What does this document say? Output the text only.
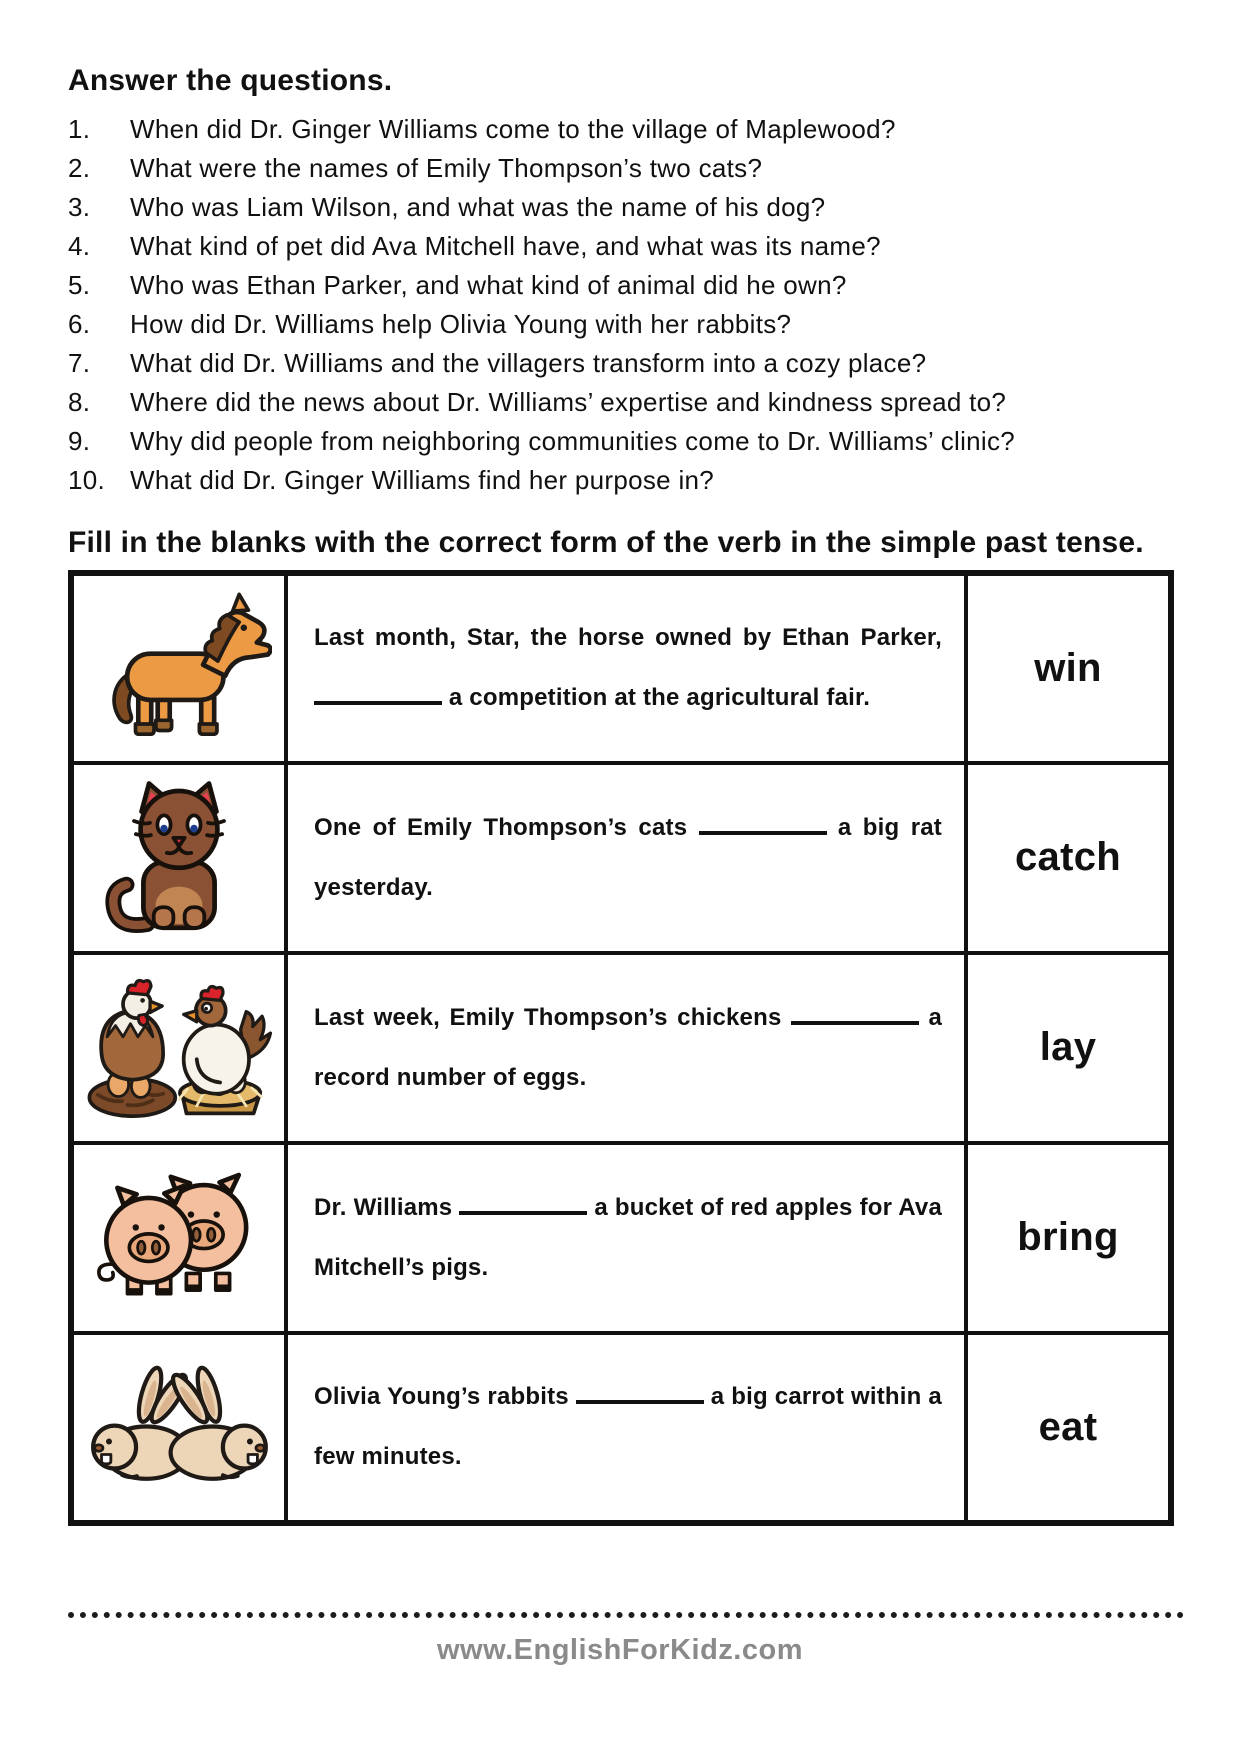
Answer the questions.
1.	When did Dr. Ginger Williams come to the village of Maplewood?
2.	What were the names of Emily Thompson’s two cats?
3.	Who was Liam Wilson, and what was the name of his dog?
4.	What kind of pet did Ava Mitchell have, and what was its name?
5.	Who was Ethan Parker, and what kind of animal did he own?
6.	How did Dr. Williams help Olivia Young with her rabbits?
7.	What did Dr. Williams and the villagers transform into a cozy place?
8.	Where did the news about Dr. Williams’ expertise and kindness spread to?
9.	Why did people from neighboring communities come to Dr. Williams’ clinic?
10. What did Dr. Ginger Williams find her purpose in?
Fill in the blanks with the correct form of the verb in the simple past tense.

Last month, Star, the horse owned by Ethan Parker,  a competition at the agricultural fair.	win

One of Emily Thompson’s cats a big rat yesterday.	catch

Last week, Emily Thompson’s chickens a record number of eggs.	lay

Dr. Williams a bucket of red apples for Ava Mitchell’s pigs.	bring

Olivia Young’s rabbits a big carrot within a few minutes.	eat
www.EnglishForKidz.com
